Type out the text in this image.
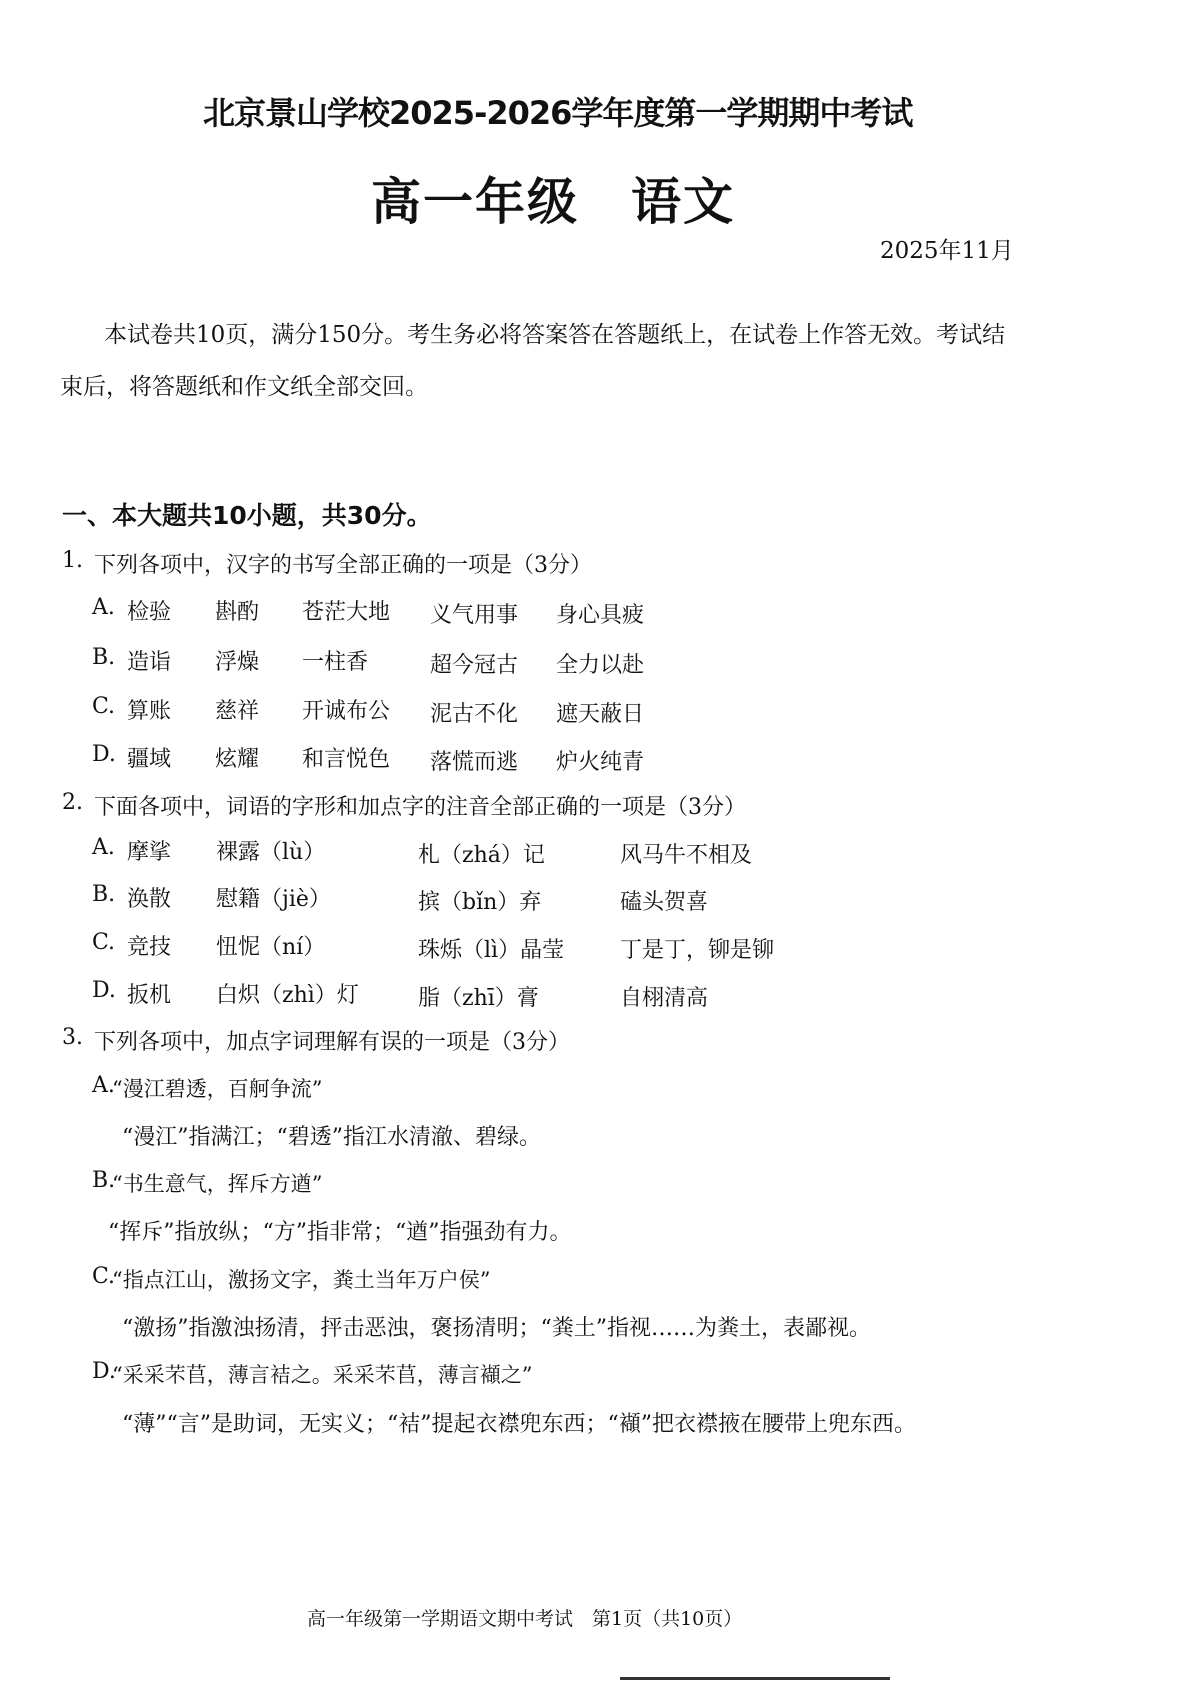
北京景山学校2025-2026学年度第一学期期中考试
高一年级　语文
2025年11月
本试卷共10页，满分150分。考生务必将答案答在答题纸上，在试卷上作答无效。考试结
束后，将答题纸和作文纸全部交回。
一、本大题共10小题，共30分。
1. 下列各项中，汉字的书写全部正确的一项是（3分）
A. 检验 斟酌 苍茫大地 义气用事 身心具疲
B. 造诣 浮燥 一柱香	超今冠古 全力以赴
C. 算账 慈祥 开诚布公 泥古不化 遮天蔽日
D. 疆域 炫耀 和言悦色 落慌而逃 炉火纯青
2. 下面各项中，词语的字形和加点字的注音全部正确的一项是（3分）
A. 摩挲 裸露（lù）	札（zhá）记	风马牛不相及
B. 涣散 慰籍（jiè）	摈（bǐn）弃	磕头贺喜
C. 竞技 忸怩（ní）	珠烁（lì）晶莹	丁是丁，铆是铆
D. 扳机 白炽（zhì）灯	脂（zhī）膏	自栩清高
3. 下列各项中，加点字词理解有误的一项是（3分）
A.
“漫江碧透，百舸争流”
“漫江”指满江；“碧透”指江水清澈、碧绿。
B.
“书生意气，挥斥方遒”
“挥斥”指放纵；“方”指非常；“遒”指强劲有力。
C.
“指点江山，激扬文字，粪土当年万户侯”
“激扬”指激浊扬清，抨击恶浊，褒扬清明；“粪土”指视……为粪土，表鄙视。
D.
“采采芣苢，薄言袺之。采采芣苢，薄言襭之”
“薄”“言”是助词，无实义；“袺”提起衣襟兜东西；“襭”把衣襟掖在腰带上兜东西。
高一年级第一学期语文期中考试　第1页（共10页）
